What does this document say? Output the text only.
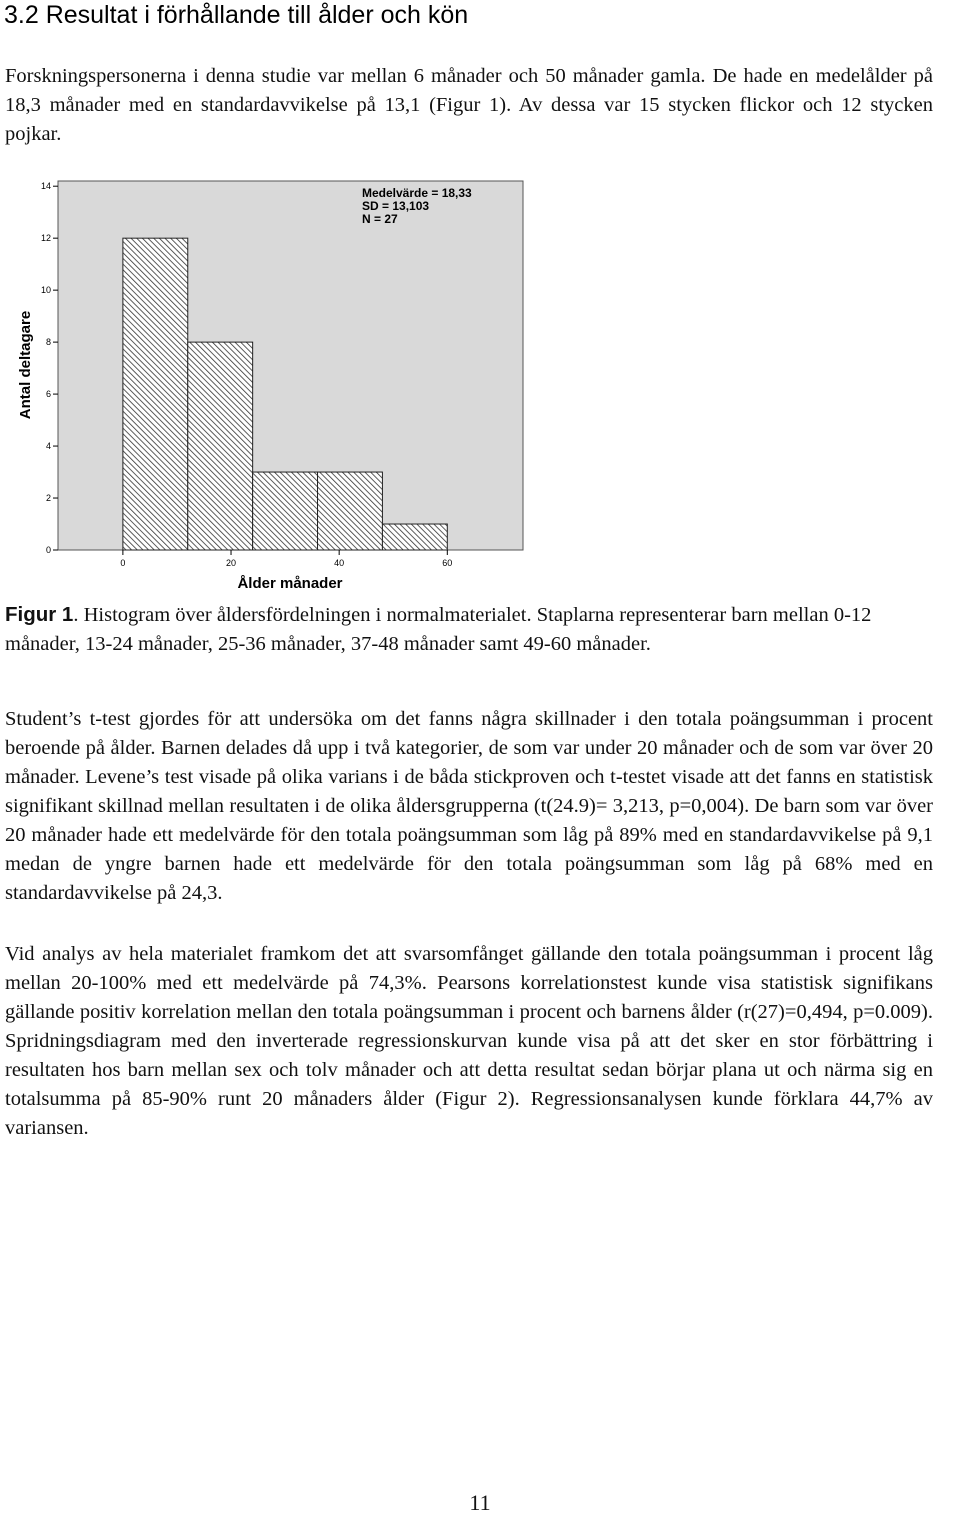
3.2 Resultat i förhållande till ålder och kön

Forskningspersonerna i denna studie var mellan 6 månader och 50 månader gamla. De hade en medelålder på 18,3 månader med en standardavvikelse på 13,1 (Figur 1). Av dessa var 15 stycken flickor och 12 stycken pojkar.

0
2
4
6
8
10
12
14
0	20	40	60
Antal deltagare
Ålder månader
Medelvärde = 18,33
SD = 13,103
N = 27

Figur 1. Histogram över åldersfördelningen i normalmaterialet. Staplarna representerar barn mellan 0-12 månader, 13-24 månader, 25-36 månader, 37-48 månader samt 49-60 månader.

Student’s t-test gjordes för att undersöka om det fanns några skillnader i den totala poängsumman i procent beroende på ålder. Barnen delades då upp i två kategorier, de som var under 20 månader och de som var över 20 månader. Levene’s test visade på olika varians i de båda stickproven och t-testet visade att det fanns en statistisk signifikant skillnad mellan resultaten i de olika åldersgrupperna (t(24.9)= 3,213, p=0,004). De barn som var över 20 månader hade ett medelvärde för den totala poängsumman som låg på 89% med en standardavvikelse på 9,1 medan de yngre barnen hade ett medelvärde för den totala poängsumman som låg på 68% med en standardavvikelse på 24,3.

Vid analys av hela materialet framkom det att svarsomfånget gällande den totala poängsumman i procent låg mellan 20-100% med ett medelvärde på 74,3%. Pearsons korrelationstest kunde visa statistisk signifikans gällande positiv korrelation mellan den totala poängsumman i procent och barnens ålder (r(27)=0,494, p=0.009). Spridningsdiagram med den inverterade regressionskurvan kunde visa på att det sker en stor förbättring i resultaten hos barn mellan sex och tolv månader och att detta resultat sedan börjar plana ut och närma sig en totalsumma på 85-90% runt 20 månaders ålder (Figur 2). Regressionsanalysen kunde förklara 44,7% av variansen.

11
